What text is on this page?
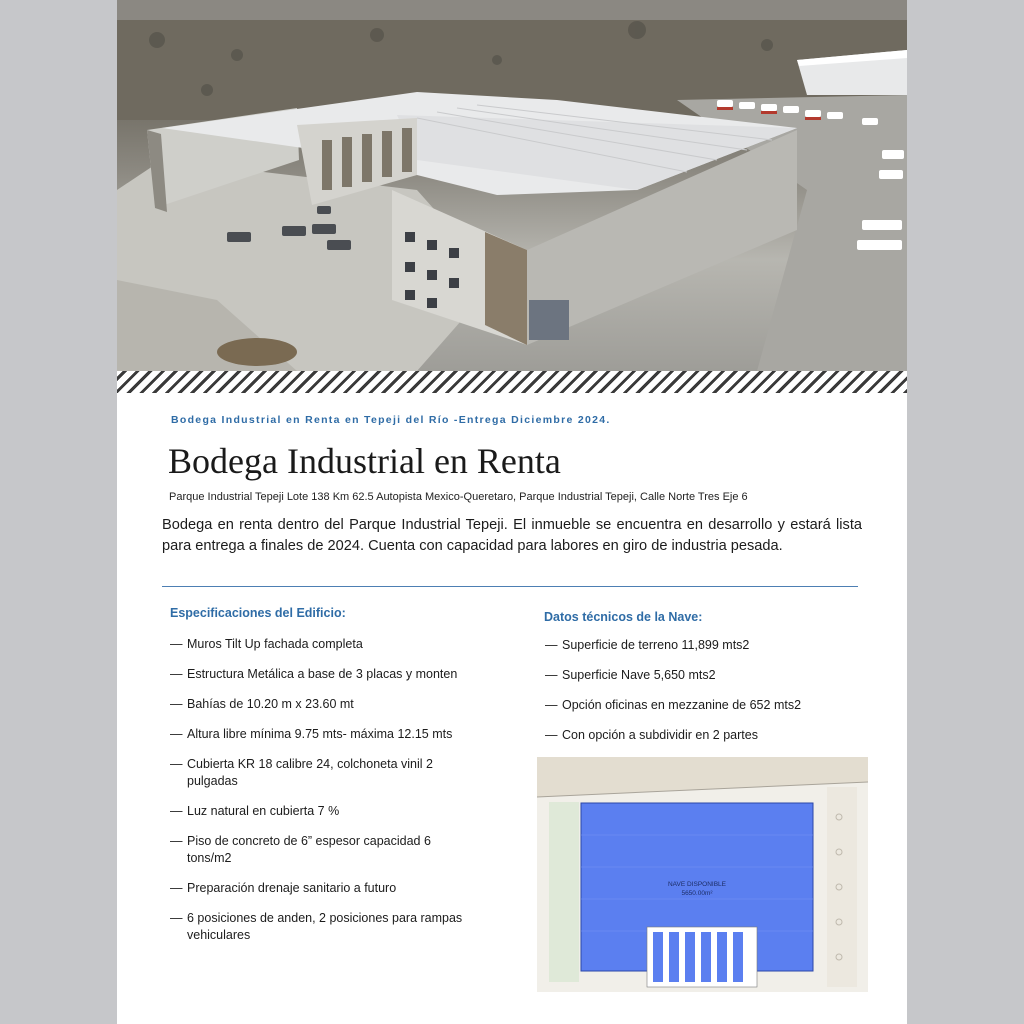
Bodega Industrial en Renta en Tepeji del Río -Entrega Diciembre 2024.
Bodega Industrial en Renta
Parque Industrial Tepeji Lote 138 Km 62.5 Autopista Mexico-Queretaro, Parque Industrial Tepeji, Calle Norte Tres Eje 6
Bodega en renta dentro del Parque Industrial Tepeji. El inmueble se encuentra en desarrollo y estará lista para entrega a finales de 2024. Cuenta con capacidad para labores en giro de industria pesada.
Especificaciones del Edificio:
— Muros Tilt Up fachada completa
— Estructura Metálica a base de 3 placas y monten
— Bahías de 10.20 m x 23.60 mt
— Altura libre mínima 9.75 mts- máxima 12.15 mts
— Cubierta KR 18 calibre 24, colchoneta vinil 2 pulgadas
— Luz natural en cubierta 7 %
— Piso de concreto de 6” espesor capacidad 6 tons/m2
— Preparación drenaje sanitario a futuro
— 6 posiciones de anden, 2 posiciones para rampas vehiculares
Datos técnicos de la Nave:
— Superficie de terreno 11,899 mts2
— Superficie Nave 5,650 mts2
— Opción oficinas en mezzanine de 652 mts2
— Con opción a subdividir en 2 partes
NAVE DISPONIBLE
5650.00m²
